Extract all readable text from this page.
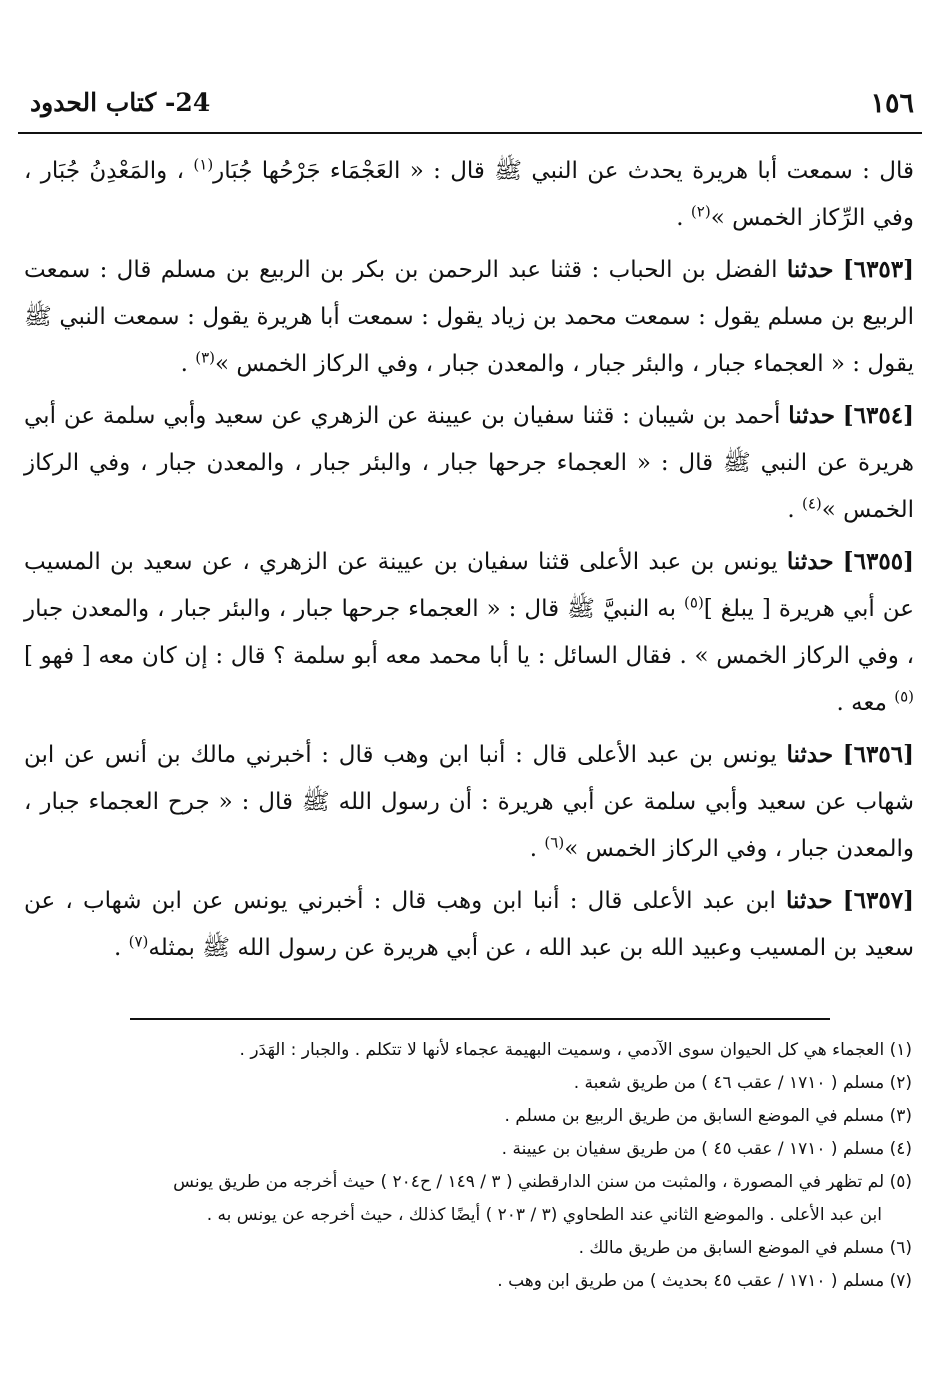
١٥٦
24- كتاب الحدود

قال : سمعت أبا هريرة يحدث عن النبي ﷺ قال : « العَجْمَاء جَرْحُها جُبَار$^{(١)}$ ، والمَعْدِنُ جُبَار ، وفي الرِّكاز الخمس »$^{(٢)}$ .

[٦٣٥٣] حدثنا الفضل بن الحباب : قثنا عبد الرحمن بن بكر بن الربيع بن مسلم قال : سمعت الربيع بن مسلم يقول : سمعت محمد بن زياد يقول : سمعت أبا هريرة يقول : سمعت النبي ﷺ يقول : « العجماء جبار ، والبئر جبار ، والمعدن جبار ، وفي الركاز الخمس »$^{(٣)}$ .

[٦٣٥٤] حدثنا أحمد بن شيبان : قثنا سفيان بن عيينة عن الزهري عن سعيد وأبي سلمة عن أبي هريرة عن النبي ﷺ قال : « العجماء جرحها جبار ، والبئر جبار ، والمعدن جبار ، وفي الركاز الخمس »$^{(٤)}$ .

[٦٣٥٥] حدثنا يونس بن عبد الأعلى قثنا سفيان بن عيينة عن الزهري ، عن سعيد بن المسيب عن أبي هريرة [ يبلغ ]$^{(٥)}$ به النبيَّ ﷺ قال : « العجماء جرحها جبار ، والبئر جبار ، والمعدن جبار ، وفي الركاز الخمس » . فقال السائل : يا أبا محمد معه أبو سلمة ؟ قال : إن كان معه [ فهو ]$^{(٥)}$ معه .

[٦٣٥٦] حدثنا يونس بن عبد الأعلى قال : أنبا ابن وهب قال : أخبرني مالك بن أنس عن ابن شهاب عن سعيد وأبي سلمة عن أبي هريرة : أن رسول الله ﷺ قال : « جرح العجماء جبار ، والمعدن جبار ، وفي الركاز الخمس »$^{(٦)}$ .

[٦٣٥٧] حدثنا ابن عبد الأعلى قال : أنبا ابن وهب قال : أخبرني يونس عن ابن شهاب ، عن سعيد بن المسيب وعبيد الله بن عبد الله ، عن أبي هريرة عن رسول الله ﷺ بمثله$^{(٧)}$ .

(١) العجماء هي كل الحيوان سوى الآدمي ، وسميت البهيمة عجماء لأنها لا تتكلم . والجبار : الهَدَر .

(٢) مسلم ( ١٧١٠ / عقب ٤٦ ) من طريق شعبة .

(٣) مسلم في الموضع السابق من طريق الربيع بن مسلم .

(٤) مسلم ( ١٧١٠ / عقب ٤٥ ) من طريق سفيان بن عيينة .

(٥) لم تظهر في المصورة ، والمثبت من سنن الدارقطني ( ٣ / ١٤٩ / ح٢٠٤ ) حيث أخرجه من طريق يونس
ابن عبد الأعلى . والموضع الثاني عند الطحاوي (٣ / ٢٠٣ ) أيضًا كذلك ، حيث أخرجه عن يونس به .

(٦) مسلم في الموضع السابق من طريق مالك .

(٧) مسلم ( ١٧١٠ / عقب ٤٥ بحديث ) من طريق ابن وهب .
